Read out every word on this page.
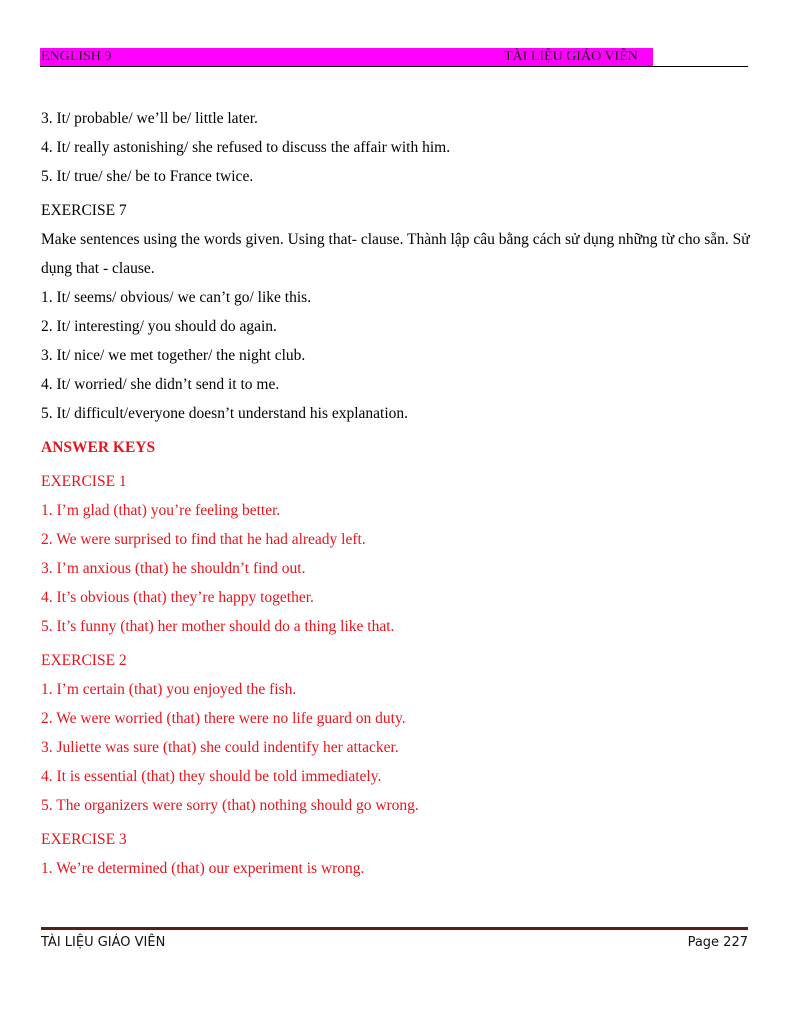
ENGLISH 9	TÀI LIỆU GIÁO VIÊN
3. It/ probable/ we’ll be/ little later.
4. It/ really astonishing/ she refused to discuss the affair with him.
5. It/ true/ she/ be to France twice.
EXERCISE 7
Make sentences using the words given. Using that- clause. Thành lập câu bằng cách sử dụng những từ cho sẵn. Sử dụng that - clause.
1. It/ seems/ obvious/ we can’t go/ like this.
2. It/ interesting/ you should do again.
3. It/ nice/ we met together/ the night club.
4. It/ worried/ she didn’t send it to me.
5. It/ difficult/everyone doesn’t understand his explanation.
ANSWER KEYS
EXERCISE 1
1. I’m glad (that) you’re feeling better.
2. We were surprised to find that he had already left.
3. I’m anxious (that) he shouldn’t find out.
4. It’s obvious (that) they’re happy together.
5. It’s funny (that) her mother should do a thing like that.
EXERCISE 2
1. I’m certain (that) you enjoyed the fish.
2. We were worried (that) there were no life guard on duty.
3. Juliette was sure (that) she could indentify her attacker.
4. It is essential (that) they should be told immediately.
5. The organizers were sorry (that) nothing should go wrong.
EXERCISE 3
1. We’re determined (that) our experiment is wrong.
TÀI LIỆU GIÁO VIÊN	Page 227
